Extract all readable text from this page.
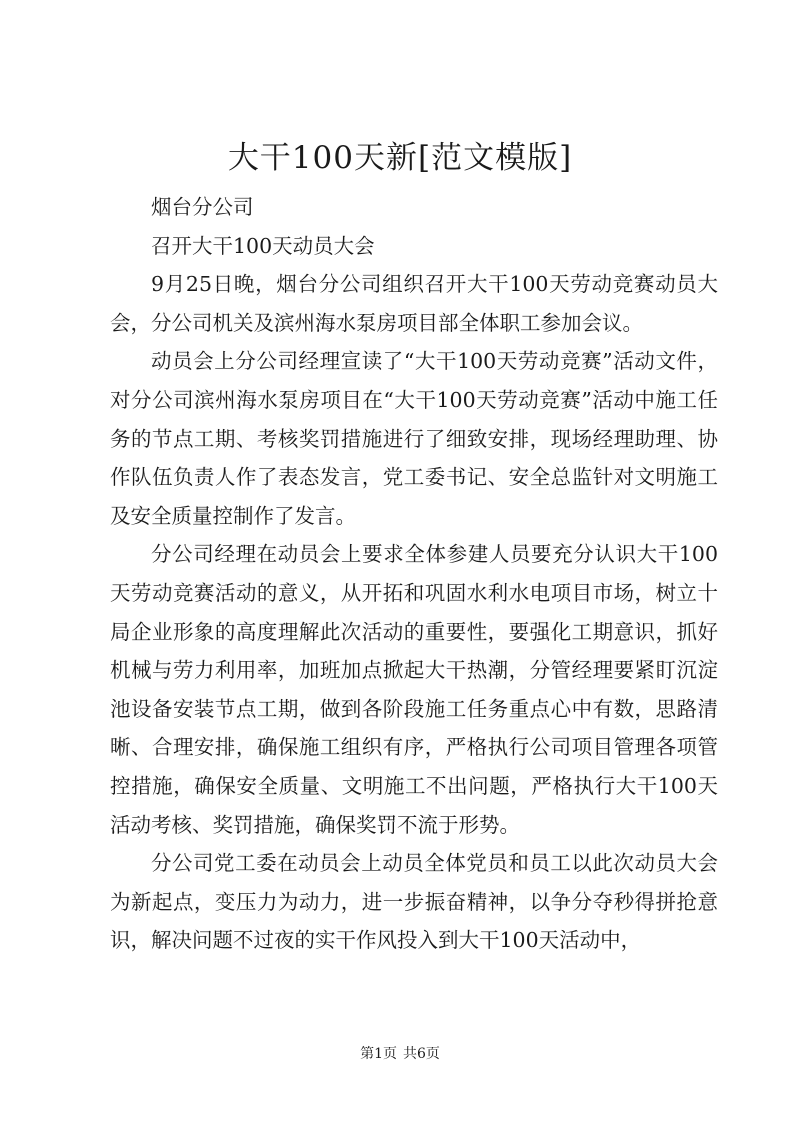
大干100天新[范文模版]

烟台分公司

召开大干100天动员大会

9月25日晚，烟台分公司组织召开大干100天劳动竞赛动员大会，分公司机关及滨州海水泵房项目部全体职工参加会议。

动员会上分公司经理宣读了“大干100天劳动竞赛”活动文件，对分公司滨州海水泵房项目在“大干100天劳动竞赛”活动中施工任务的节点工期、考核奖罚措施进行了细致安排，现场经理助理、协作队伍负责人作了表态发言，党工委书记、安全总监针对文明施工及安全质量控制作了发言。

分公司经理在动员会上要求全体参建人员要充分认识大干100天劳动竞赛活动的意义，从开拓和巩固水利水电项目市场，树立十局企业形象的高度理解此次活动的重要性，要强化工期意识，抓好机械与劳力利用率，加班加点掀起大干热潮，分管经理要紧盯沉淀池设备安装节点工期，做到各阶段施工任务重点心中有数，思路清晰、合理安排，确保施工组织有序，严格执行公司项目管理各项管控措施，确保安全质量、文明施工不出问题，严格执行大干100天活动考核、奖罚措施，确保奖罚不流于形势。

分公司党工委在动员会上动员全体党员和员工以此次动员大会为新起点，变压力为动力，进一步振奋精神，以争分夺秒得拼抢意识，解决问题不过夜的实干作风投入到大干100天活动中，

第1页 共6页
